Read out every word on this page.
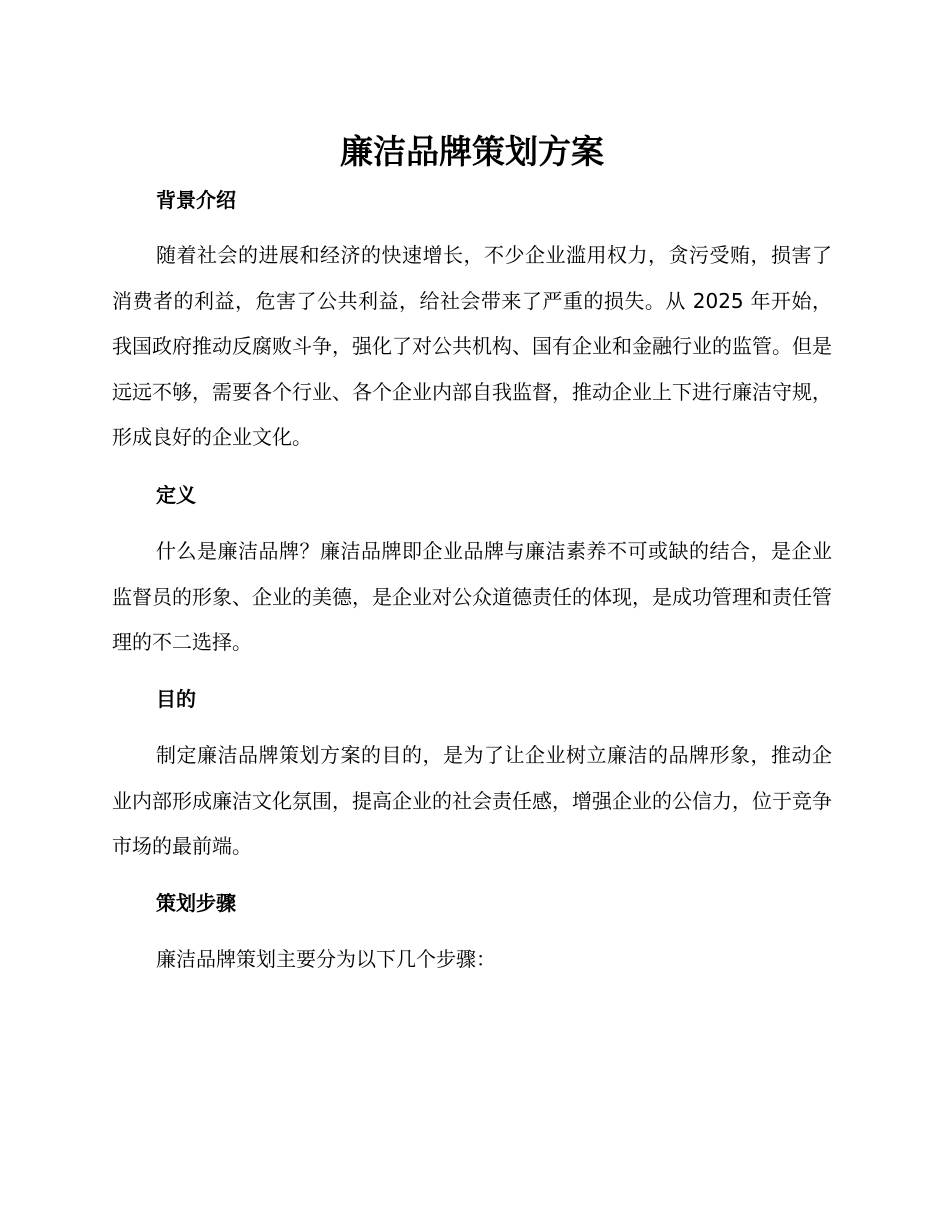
廉洁品牌策划方案
背景介绍

随着社会的进展和经济的快速增长，不少企业滥用权力，贪污受贿，损害了消费者的利益，危害了公共利益，给社会带来了严重的损失。从 2025 年开始，我国政府推动反腐败斗争，强化了对公共机构、国有企业和金融行业的监管。但是远远不够，需要各个行业、各个企业内部自我监督，推动企业上下进行廉洁守规，形成良好的企业文化。

定义

什么是廉洁品牌？廉洁品牌即企业品牌与廉洁素养不可或缺的结合，是企业监督员的形象、企业的美德，是企业对公众道德责任的体现，是成功管理和责任管理的不二选择。

目的

制定廉洁品牌策划方案的目的，是为了让企业树立廉洁的品牌形象，推动企业内部形成廉洁文化氛围，提高企业的社会责任感，增强企业的公信力，位于竞争市场的最前端。

策划步骤

廉洁品牌策划主要分为以下几个步骤：
